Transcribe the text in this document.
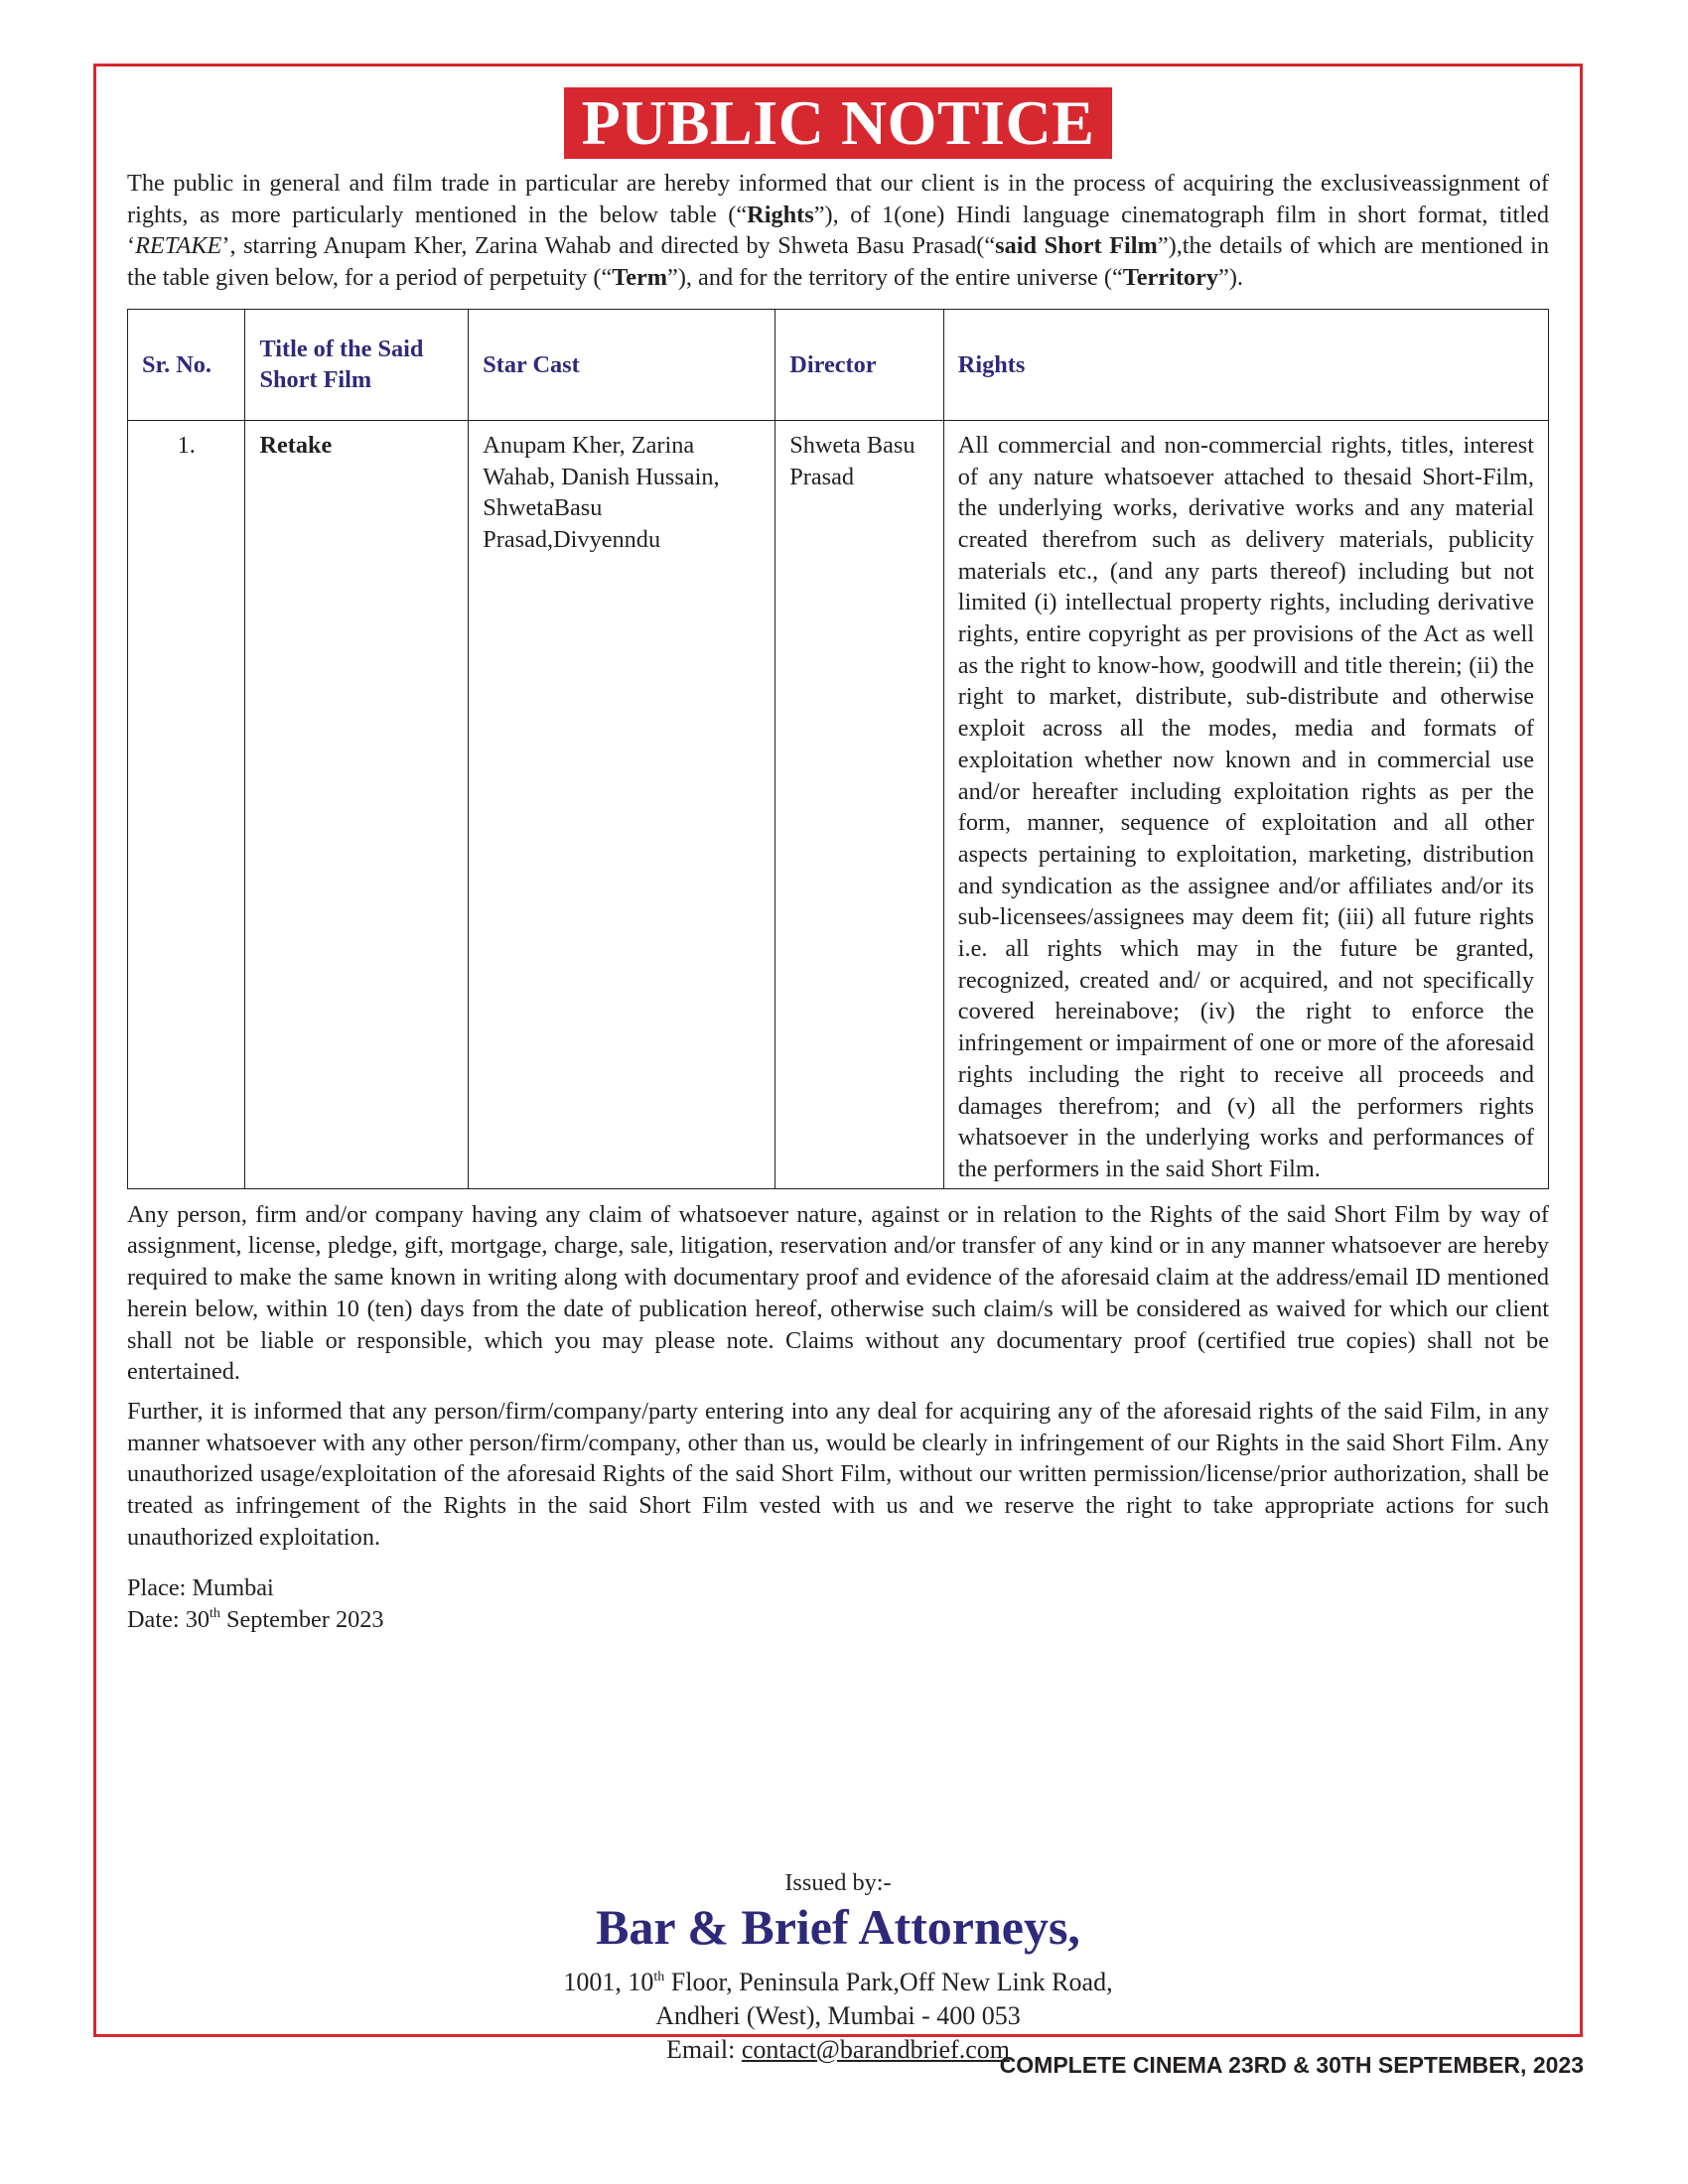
PUBLIC NOTICE

The public in general and film trade in particular are hereby informed that our client is in the process of acquiring the exclusiveassignment of rights, as more particularly mentioned in the below table (“Rights”), of 1(one) Hindi language cinematograph film in short format, titled ‘RETAKE’, starring Anupam Kher, Zarina Wahab and directed by Shweta Basu Prasad(“said Short Film”),the details of which are mentioned in the table given below, for a period of perpetuity (“Term”), and for the territory of the entire universe (“Territory”).

Sr. No.	Title of the Said Short Film	Star Cast	Director	Rights
1.	Retake	Anupam Kher, Zarina Wahab, Danish Hussain, ShwetaBasu Prasad,Divyenndu	Shweta Basu Prasad	All commercial and non-commercial rights, titles, interest of any nature whatsoever attached to thesaid Short-Film, the underlying works, derivative works and any material created therefrom such as delivery materials, publicity materials etc., (and any parts thereof) including but not limited (i) intellectual property rights, including derivative rights, entire copyright as per provisions of the Act as well as the right to know-how, goodwill and title therein; (ii) the right to market, distribute, sub-distribute and otherwise exploit across all the modes, media and formats of exploitation whether now known and in commercial use and/or hereafter including exploitation rights as per the form, manner, sequence of exploitation and all other aspects pertaining to exploitation, marketing, distribution and syndication as the assignee and/or affiliates and/or its sub-licensees/assignees may deem fit; (iii) all future rights i.e. all rights which may in the future be granted, recognized, created and/ or acquired, and not specifically covered hereinabove; (iv) the right to enforce the infringement or impairment of one or more of the aforesaid rights including the right to receive all proceeds and damages therefrom; and (v) all the performers rights whatsoever in the underlying works and performances of the performers in the said Short Film.

Any person, firm and/or company having any claim of whatsoever nature, against or in relation to the Rights of the said Short Film by way of assignment, license, pledge, gift, mortgage, charge, sale, litigation, reservation and/or transfer of any kind or in any manner whatsoever are hereby required to make the same known in writing along with documentary proof and evidence of the aforesaid claim at the address/email ID mentioned herein below, within 10 (ten) days from the date of publication hereof, otherwise such claim/s will be considered as waived for which our client shall not be liable or responsible, which you may please note. Claims without any documentary proof (certified true copies) shall not be entertained.

Further, it is informed that any person/firm/company/party entering into any deal for acquiring any of the aforesaid rights of the said Film, in any manner whatsoever with any other person/firm/company, other than us, would be clearly in infringement of our Rights in the said Short Film. Any unauthorized usage/exploitation of the aforesaid Rights of the said Short Film, without our written permission/license/prior authorization, shall be treated as infringement of the Rights in the said Short Film vested with us and we reserve the right to take appropriate actions for such unauthorized exploitation.

Place: Mumbai
Date: 30th September 2023
Issued by:-
Bar & Brief Attorneys,
1001, 10th Floor, Peninsula Park,Off New Link Road,
Andheri (West), Mumbai - 400 053
Email: contact@barandbrief.com
COMPLETE CINEMA 23RD & 30TH SEPTEMBER, 2023
